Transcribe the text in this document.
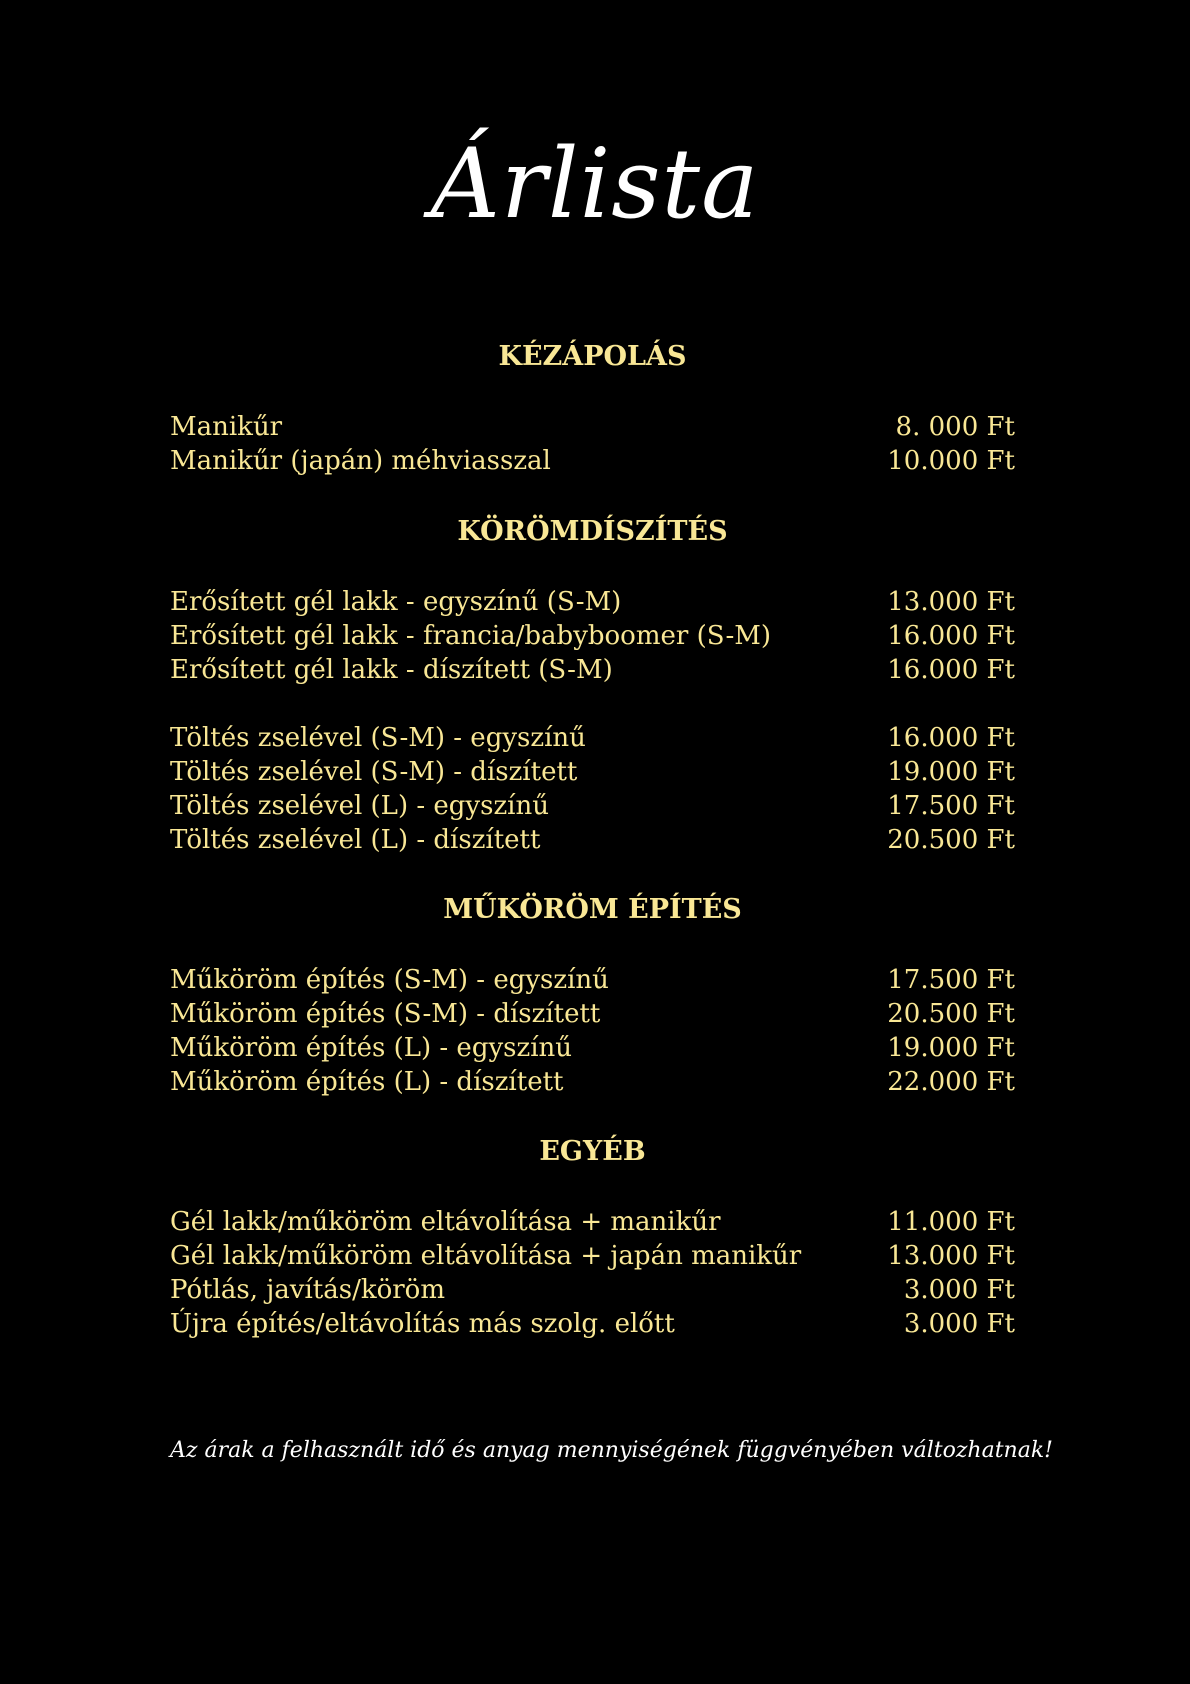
Árlista
KÉZÁPOLÁS
Manikűr	8. 000 Ft
Manikűr (japán) méhviasszal	10.000 Ft
KÖRÖMDÍSZÍTÉS
Erősített gél lakk - egyszínű (S-M)	13.000 Ft
Erősített gél lakk - francia/babyboomer (S-M)	16.000 Ft
Erősített gél lakk - díszített (S-M)	16.000 Ft
Töltés zselével (S-M) - egyszínű	16.000 Ft
Töltés zselével (S-M) - díszített	19.000 Ft
Töltés zselével (L) - egyszínű	17.500 Ft
Töltés zselével (L) - díszített	20.500 Ft
MŰKÖRÖM ÉPÍTÉS
Műköröm építés (S-M) - egyszínű	17.500 Ft
Műköröm építés (S-M) - díszített	20.500 Ft
Műköröm építés (L) - egyszínű	19.000 Ft
Műköröm építés (L) - díszített	22.000 Ft
EGYÉB
Gél lakk/műköröm eltávolítása + manikűr	11.000 Ft
Gél lakk/műköröm eltávolítása + japán manikűr	13.000 Ft
Pótlás, javítás/köröm	3.000 Ft
Újra építés/eltávolítás más szolg. előtt	3.000 Ft
Az árak a felhasznált idő és anyag mennyiségének függvényében változhatnak!
